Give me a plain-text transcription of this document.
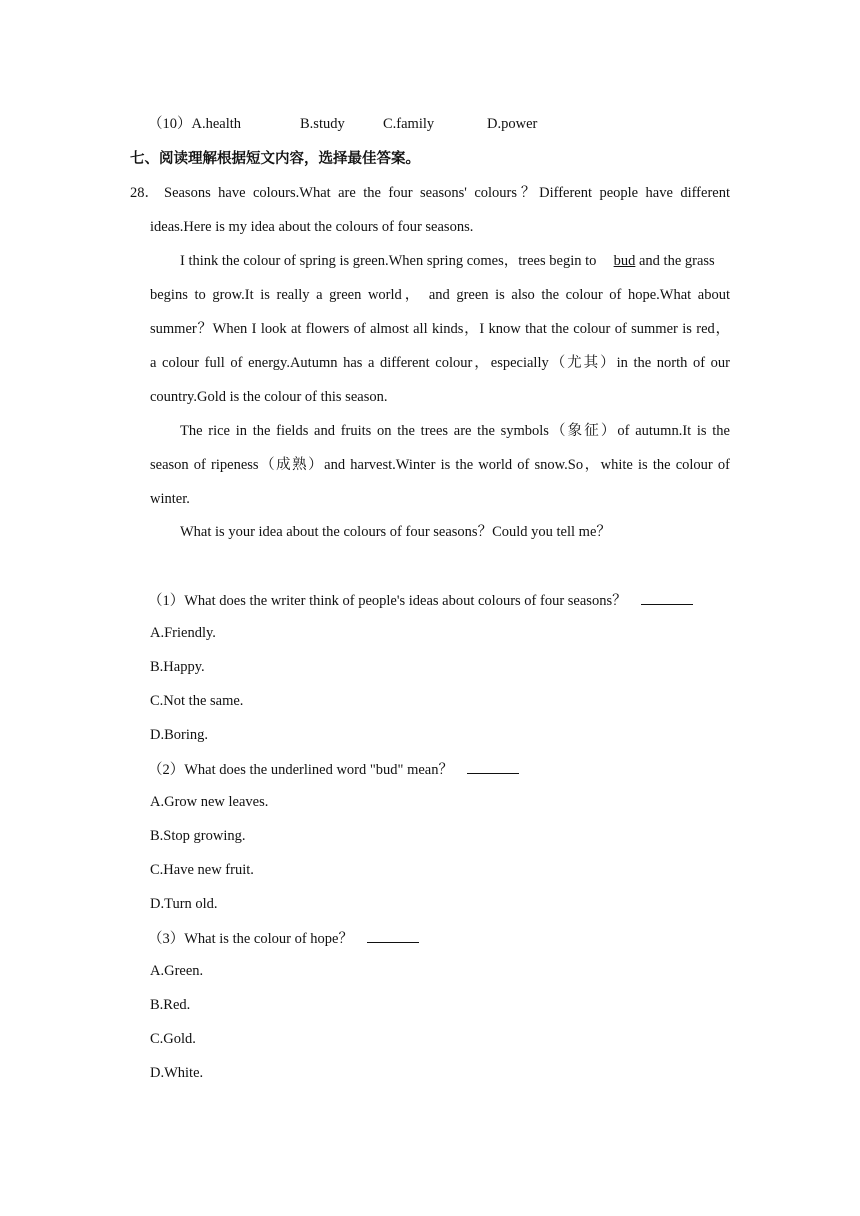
（10）A.health	B.study	C.family	D.power
七、阅读理解根据短文内容，选择最佳答案。
28． Seasons have colours.What are the four seasons' colours？Different people have different
ideas.Here is my idea about the colours of four seasons.
I think the colour of spring is green.When spring comes，trees begin to bud and the grass
begins to grow.It is really a green world， and green is also the colour of hope.What about
summer？When I look at flowers of almost all kinds，I know that the colour of summer is red，
a colour full of energy.Autumn has a different colour，especially（尤其）in the north of our
country.Gold is the colour of this season.
The rice in the fields and fruits on the trees are the symbols（象征）of autumn.It is the
season of ripeness（成熟）and harvest.Winter is the world of snow.So，white is the colour of
winter.
What is your idea about the colours of four seasons？Could you tell me？
（1）What does the writer think of people's ideas about colours of four seasons？
A.Friendly.
B.Happy.
C.Not the same.
D.Boring.
（2）What does the underlined word "bud" mean？
A.Grow new leaves.
B.Stop growing.
C.Have new fruit.
D.Turn old.
（3）What is the colour of hope？
A.Green.
B.Red.
C.Gold.
D.White.
